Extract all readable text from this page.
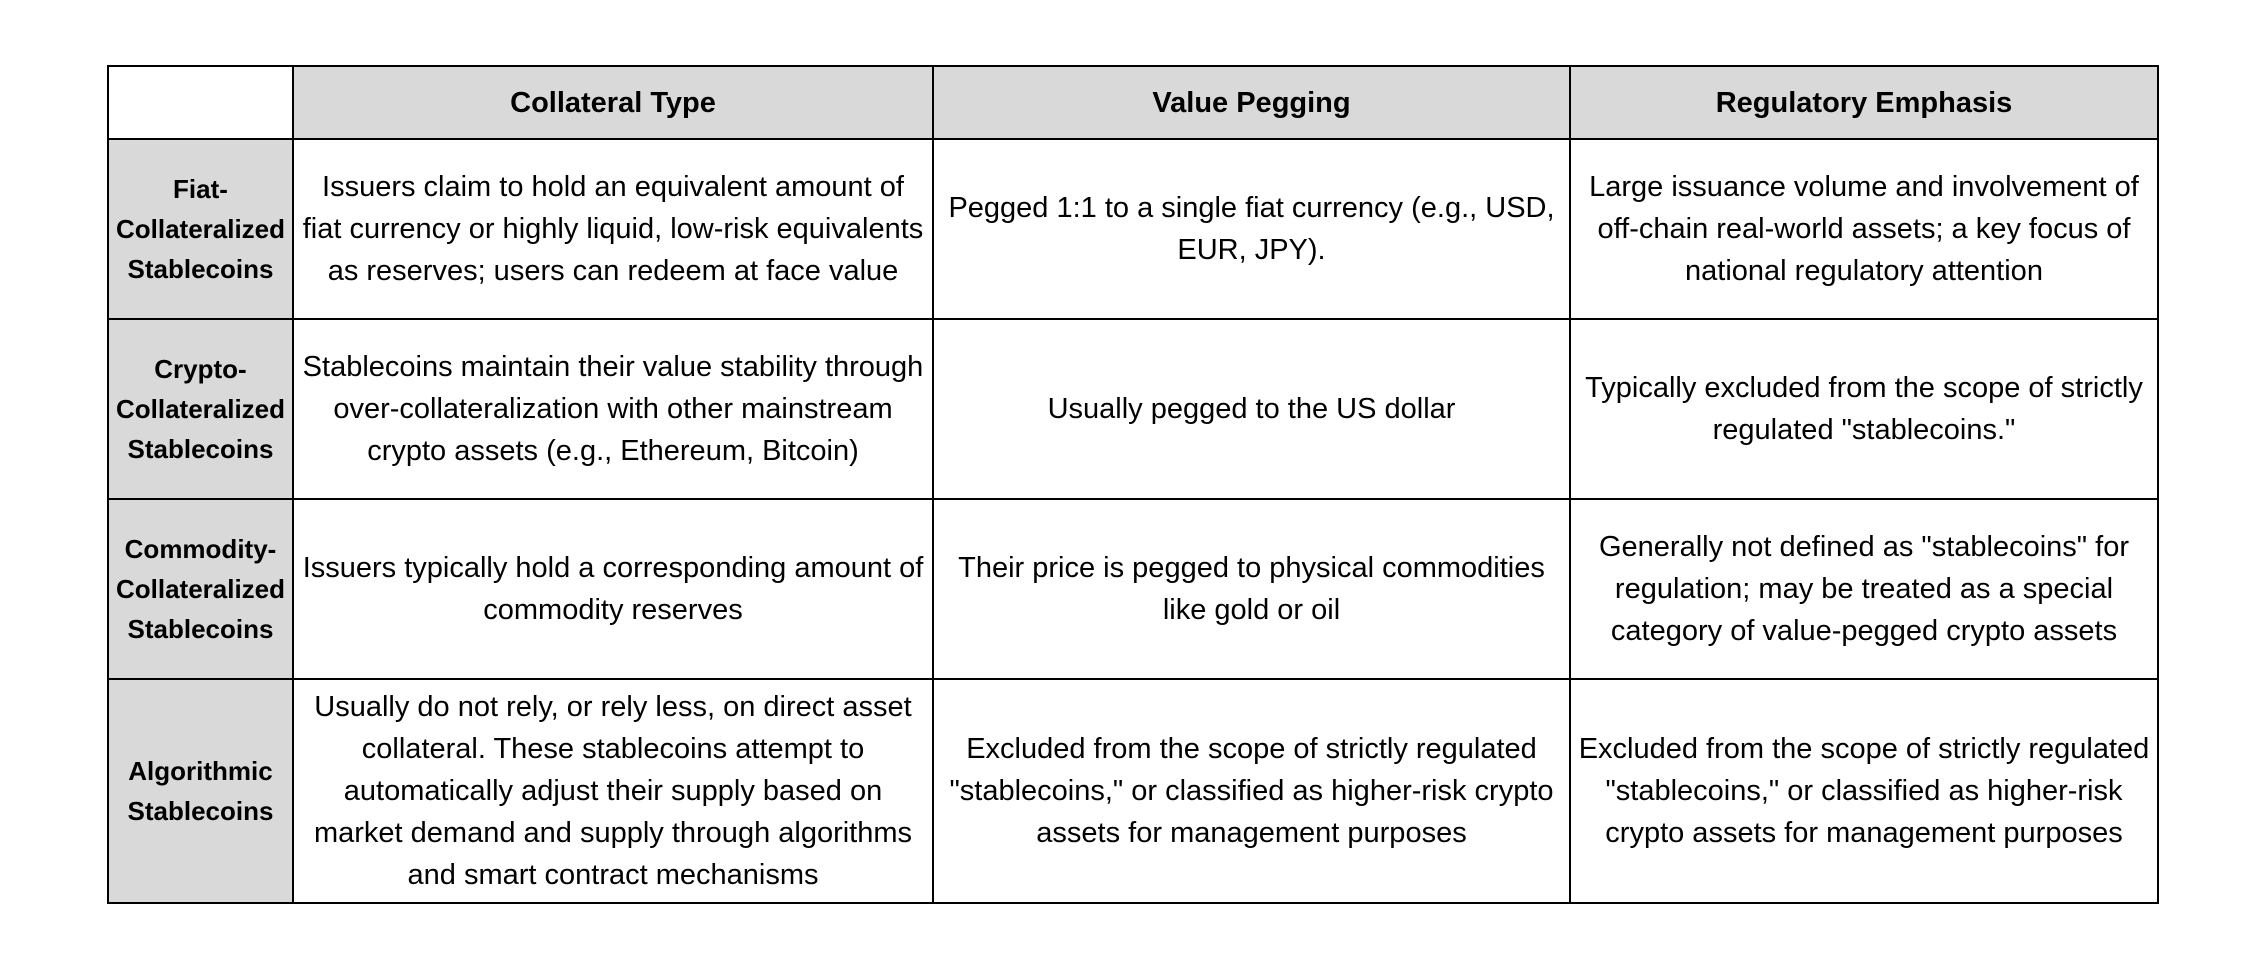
	Collateral Type	Value Pegging	Regulatory Emphasis
Fiat-Collateralized Stablecoins	Issuers claim to hold an equivalent amount of fiat currency or highly liquid, low-risk equivalents as reserves; users can redeem at face value	Pegged 1:1 to a single fiat currency (e.g., USD, EUR, JPY).	Large issuance volume and involvement of off-chain real-world assets; a key focus of national regulatory attention
Crypto-Collateralized Stablecoins	Stablecoins maintain their value stability through over-collateralization with other mainstream crypto assets (e.g., Ethereum, Bitcoin)	Usually pegged to the US dollar	Typically excluded from the scope of strictly regulated "stablecoins."
Commodity-Collateralized Stablecoins	Issuers typically hold a corresponding amount of commodity reserves	Their price is pegged to physical commodities like gold or oil	Generally not defined as "stablecoins" for regulation; may be treated as a special category of value-pegged crypto assets
Algorithmic Stablecoins	Usually do not rely, or rely less, on direct asset collateral. These stablecoins attempt to automatically adjust their supply based on market demand and supply through algorithms and smart contract mechanisms	Excluded from the scope of strictly regulated "stablecoins," or classified as higher-risk crypto assets for management purposes	Excluded from the scope of strictly regulated "stablecoins," or classified as higher-risk crypto assets for management purposes
